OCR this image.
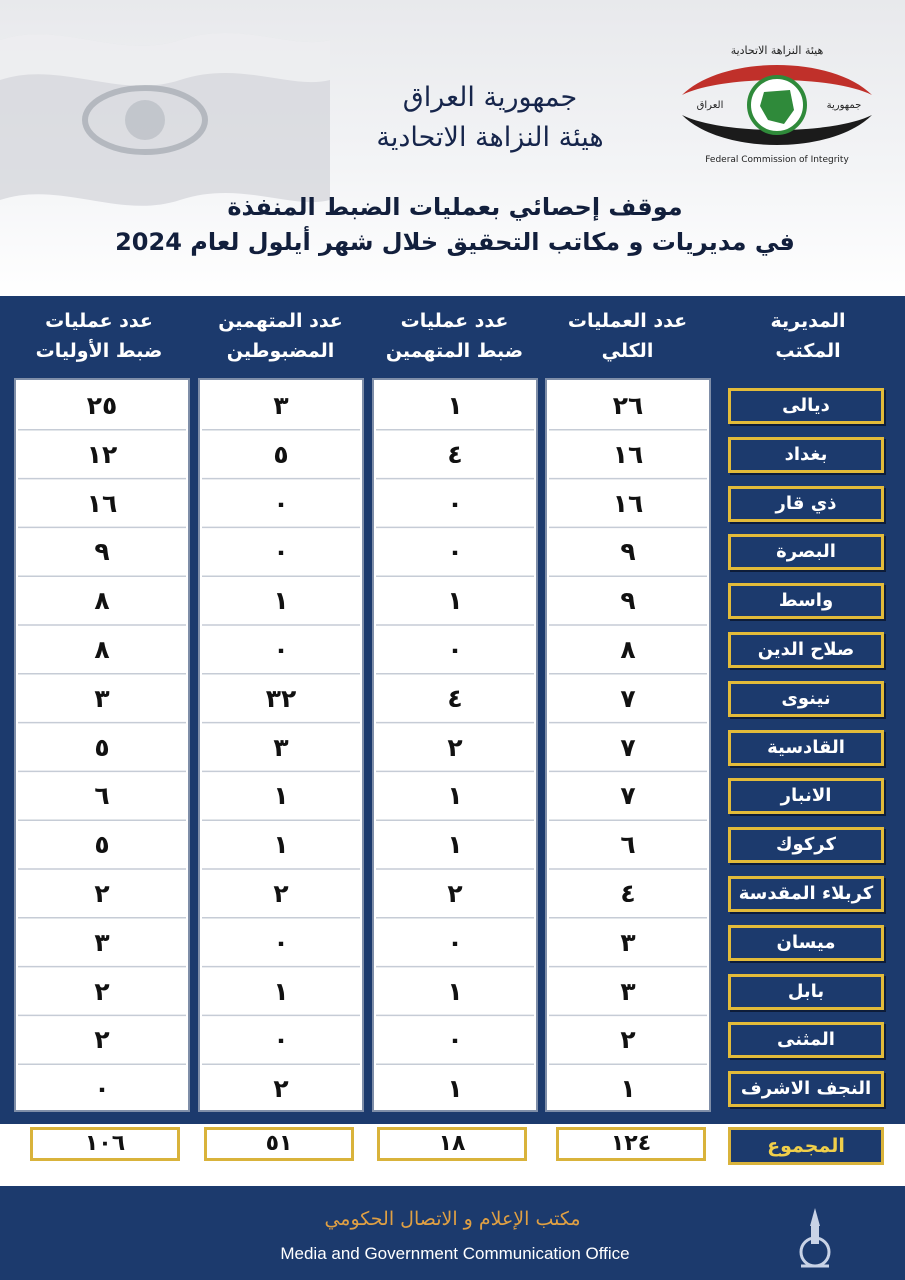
هيئة النزاهة الاتحادية
العراق	جمهورية
Federal Commission of Integrity
جمهورية العراق
هيئة النزاهة الاتحادية
موقف إحصائي بعمليات الضبط المنفذة
في مديريات و مكاتب التحقيق خلال شهر أيلول لعام 2024
المديرية
المكتب
عدد العمليات
الكلي
عدد عمليات
ضبط المتهمين
عدد المتهمين
المضبوطين
عدد عمليات
ضبط الأوليات
ديالى
٢٦
١
٣
٢٥
بغداد
١٦
٤
٥
١٢
ذي قار
١٦
٠
٠
١٦
البصرة
٩
٠
٠
٩
واسط
٩
١
١
٨
صلاح الدين
٨
٠
٠
٨
نينوى
٧
٤
٣٢
٣
القادسية
٧
٢
٣
٥
الانبار
٧
١
١
٦
كركوك
٦
١
١
٥
كربلاء المقدسة
٤
٢
٢
٢
ميسان
٣
٠
٠
٣
بابل
٣
١
١
٢
المثنى
٢
٠
٠
٢
النجف الاشرف
١
١
٢
٠
المجموع
١٢٤
١٨
٥١
١٠٦
مكتب الإعلام و الاتصال الحكومي
Media and Government Communication Office
